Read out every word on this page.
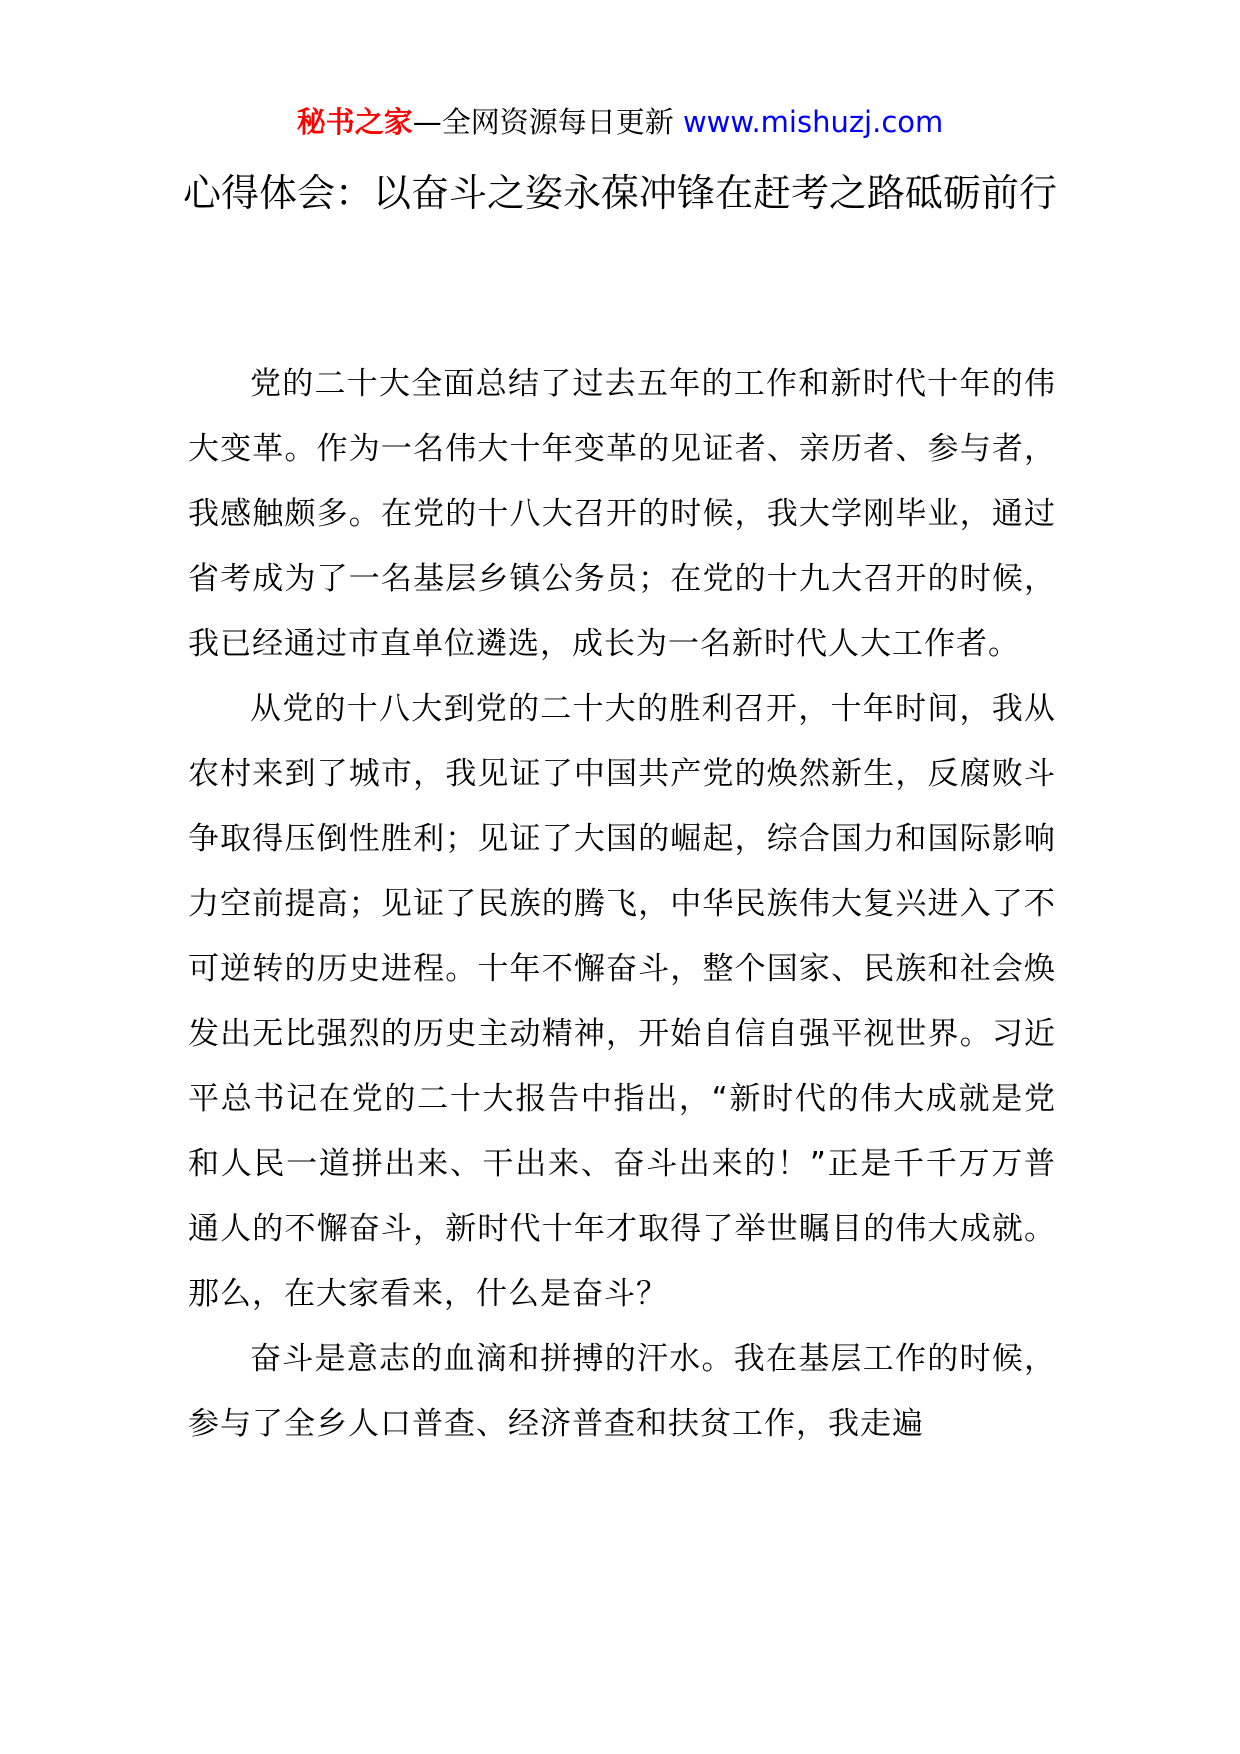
秘书之家—全网资源每日更新 www.mishuzj.com
心得体会：以奋斗之姿永葆冲锋在赶考之路砥砺前行

党的二十大全面总结了过去五年的工作和新时代十年的伟大变革。作为一名伟大十年变革的见证者、亲历者、参与者，我感触颇多。在党的十八大召开的时候，我大学刚毕业，通过省考成为了一名基层乡镇公务员；在党的十九大召开的时候，我已经通过市直单位遴选，成长为一名新时代人大工作者。

从党的十八大到党的二十大的胜利召开，十年时间，我从农村来到了城市，我见证了中国共产党的焕然新生，反腐败斗争取得压倒性胜利；见证了大国的崛起，综合国力和国际影响力空前提高；见证了民族的腾飞，中华民族伟大复兴进入了不可逆转的历史进程。十年不懈奋斗，整个国家、民族和社会焕发出无比强烈的历史主动精神，开始自信自强平视世界。习近平总书记在党的二十大报告中指出，“新时代的伟大成就是党和人民一道拼出来、干出来、奋斗出来的！”正是千千万万普通人的不懈奋斗，新时代十年才取得了举世瞩目的伟大成就。那么，在大家看来，什么是奋斗？

奋斗是意志的血滴和拼搏的汗水。我在基层工作的时候，参与了全乡人口普查、经济普查和扶贫工作，我走遍
